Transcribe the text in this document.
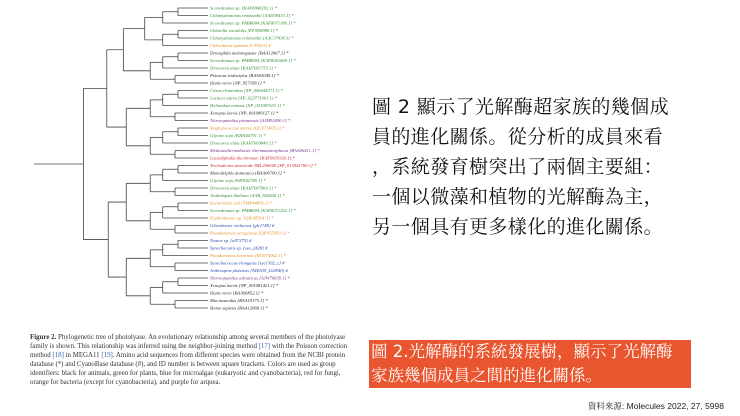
Scenedesmus sp. [KAF8068292.1] *
Chlamydomonas reinhardtii [AAD39433.1] *
Scenedesmus sp. PABB004 [KAF8071386.1] *
Chlorella variabilis [EFN58989.1] *
Chlamydomonas reinhardtii [AAC37438.3] *
Chlorobium tepidum [CT0511] #
Drosophila melanogaster [BAA12067.1] *
Scenedesmus sp. PABB004 [KAF8061669.1] *
Dioscorea alata [KAH7681755.1] *
Potorous tridactylus [BAA05049.1] *
Danio rerio [NP_957358.1] *
Citrus clementina [XP_006444371.1] *
Lactuca sativa [XP_023771061.1] *
Helianthus annuus [XP_021987631.1] *
Xenopus laevis [NP_001089127.1] *
Nitrosopumilus piranensis [AJM92490.1] *
Staphylococcus aureus [QCV75605.1] *
Glycine soja [KHN44791.1] *
Dioscorea alata [KAH7669840.1] *
Methanothermobacter thermautotrophicus [BAA06411.1] *
Lasiodiplodia theobromae [KAF9639326.1] *
Trichoderma atroviride IMI 206040 [XP_013941780.1] *
Monodelphis domestica [BAA06700.1] *
Glycine soja [KHN42785.1] *
Dioscorea alata [KAH7687660.1] *
Arabidopsis thaliana [AAB_582606.1] *
Escherichia coli [TMP44876.1] *
Scenedesmus sp. PABB004 [KAF8071252.1] *
Erythrobacter sp. [QIG85301.1] *
Gloeobacter violaceus [glr1749] #
Pseudomonas aeruginosa [QPV55950.1] *
Nostoc sp. [all7275] #
Synechocystis sp. [sso_2428] #
Pseudomonas koreensis [RVD74962.1] *
Synechococcus elongatus [syc1392_c] #
Arthrospira platensis [NIES39_L02940] #
Nitrosopumilus adriaticus [AJW70659.1] *
Xenopus laevis [NP_001081421.1] *
Danio rerio [BAA96852.1] *
Mus musculus [BAA19175.1] *
Homo sapiens [BAA12068.1] *
Figure 2. Phylogenetic tree of photolyase. An evolutionary relationship among several members of the photolyase family is shown. This relationship was inferred using the neighbor-joining method [17] with the Poisson correction method [18] in MEGA11 [19]. Amino acid sequences from different species were obtained from the NCBI protein database (*) and CyanoBase database (#), and ID number is between square brackets. Colors are used as group identifiers: black for animals, green for plants, blue for microalgae (eukaryotic and cyanobacteria), red for fungi, orange for bacteria (except for cyanobacteria), and purple for arquea.
圖 2 顯示了光解酶超家族的幾個成
員的進化關係。從分析的成員來看
，系統發育樹突出了兩個主要組：
一個以微藻和植物的光解酶為主，
另一個具有更多樣化的進化關係。
圖 2.光解酶的系統發展樹，顯示了光解酶
家族幾個成員之間的進化關係。
資料來源: Molecules 2022, 27, 5998
